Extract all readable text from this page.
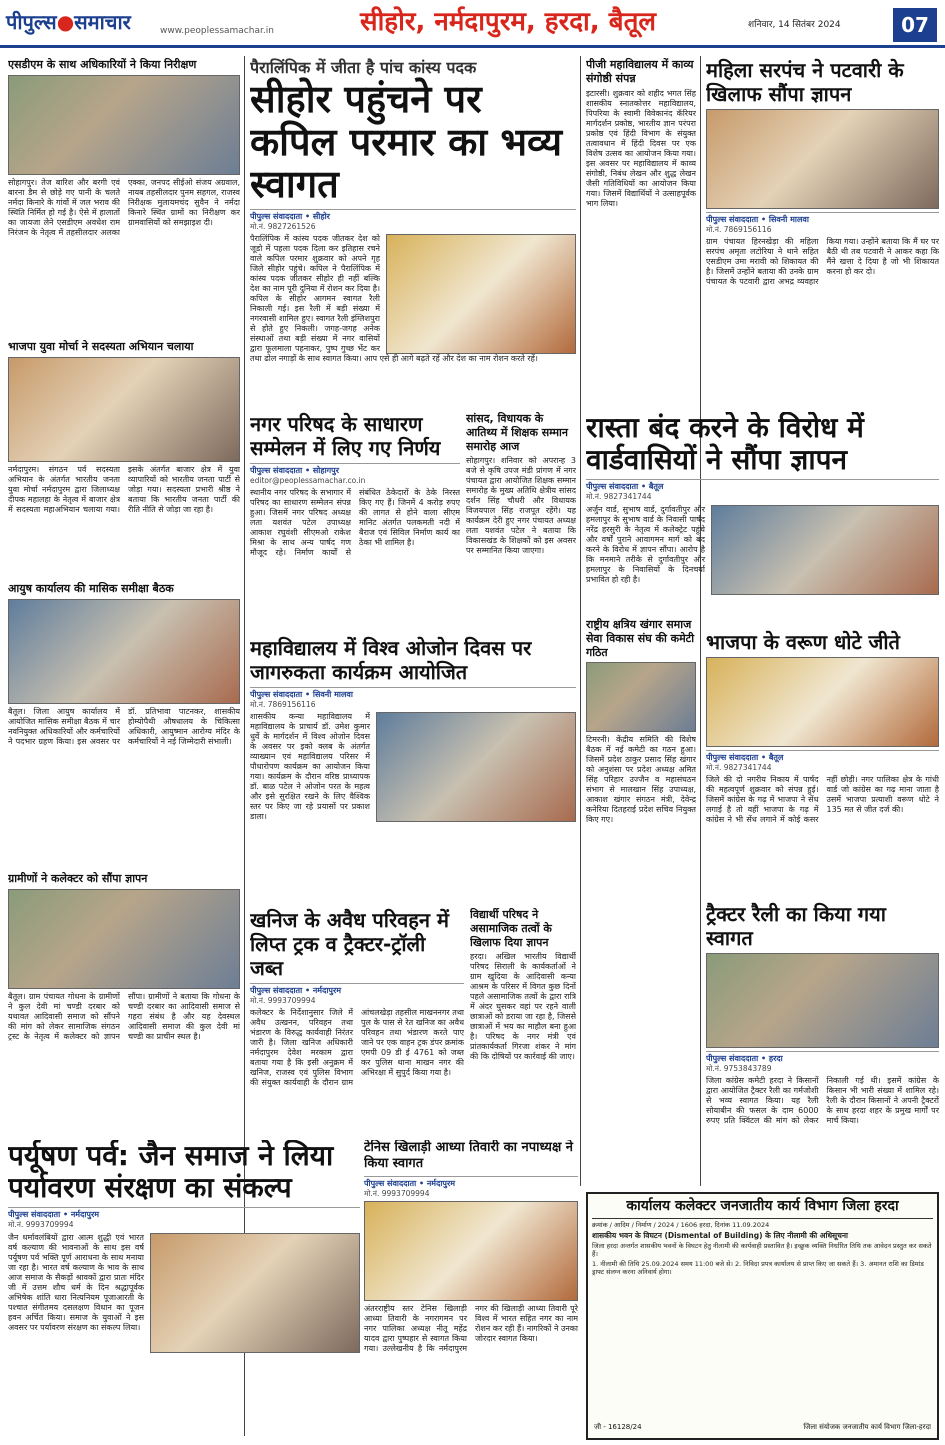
पीपुल्स●समाचार	www.peoplessamachar.in	सीहोर, नर्मदापुरम, हरदा, बैतूल	शनिवार, 14 सितंबर 2024	07
एसडीएम के साथ अधिकारियों ने किया निरीक्षण
सोहागपुर। तेज बारिश और बरगी एवं बारना डैम से छोड़े गए पानी के चलते नर्मदा किनारे के गांवों में जल भराव की स्थिति निर्मित हो गई है। ऐसे में हालातों का जायजा लेने एसडीएम अवधेश राम निरंजन के नेतृत्व में तहसीलदार अलका एक्का, जनपद सीईओ संजय अग्रवाल, नायब तहसीलदार पुनम सहगल, राजस्व निरीक्षक मुलायमचंद सुवैन ने नर्मदा किनारे स्थित ग्रामों का निरीक्षण कर ग्रामवासियों को समझाइश दी।
भाजपा युवा मोर्चा ने सदस्यता अभियान चलाया
नर्मदापुरम। संगठन पर्व सदस्यता अभियान के अंतर्गत भारतीय जनता युवा मोर्चा नर्मदापुरम द्वारा जिलाध्यक्ष दीपक महालहा के नेतृत्व में बाजार क्षेत्र में सदस्यता महाअभियान चलाया गया। इसके अंतर्गत बाजार क्षेत्र में युवा व्यापारियों को भारतीय जनता पार्टी से जोड़ा गया। सदस्यता प्रभारी श्रीष्ठ ने बताया कि भारतीय जनता पार्टी की रीति नीति से जोड़ा जा रहा है।
आयुष कार्यालय की मासिक समीक्षा बैठक
बैतूल। जिला आयुष कार्यालय में आयोजित मासिक समीक्षा बैठक में चार नवनियुक्त अधिकारियों और कर्मचारियों ने पदभार ग्रहण किया। इस अवसर पर डॉ. प्रतिभावा पाटनकर, शासकीय होम्योपैथी औषधालय के चिकित्सा अधिकारी, आयुष्मान आरोग्य मंदिर के कर्मचारियों ने नई जिम्मेदारी संभाली।
ग्रामीणों ने कलेक्टर को सौंपा ज्ञापन
बैतूल। ग्राम पंचायत गोधना के ग्रामीणों ने कुल देवी मां चण्डी दरबार को यथावत आदिवासी समाज को सौंपने की मांग को लेकर सामाजिक संगठन ट्रस्ट के नेतृत्व में कलेक्टर को ज्ञापन सौंपा। ग्रामीणों ने बताया कि गोधना के चण्डी दरबार का आदिवासी समाज से गहरा संबंध है और यह देवस्थल आदिवासी समाज की कुल देवी मां चण्डी का प्राचीन स्थल है।
पैरालिंपिक में जीता है पांच कांस्य पदक
सीहोर पहुंचने पर कपिल परमार का भव्य स्वागत
पीपुल्स संवाददाता • सीहोर
मो.नं. 9827261526
पैरालिंपिक में कांस्य पदक जीतकर देश को जूडो में पहला पदक दिला कर इतिहास रचने वाले कपिल परमार शुक्रवार को अपने गृह जिले सीहोर पहुंचे। कपिल ने पैरालिंपिक में कांस्य पदक जीतकर सीहोर ही नहीं बल्कि देश का नाम पूरी दुनिया में रोशन कर दिया है। कपिल के सीहोर आगमन स्वागत रैली निकाली गई। इस रैली में बड़ी संख्या में नगरवासी शामिल हुए। स्वागत रैली इंग्लिशपुरा से होते हुए निकली। जगह-जगह अनेक संस्थाओं तथा बड़ी संख्या में नगर वासियों द्वारा फूलमाला पहनाकर, पुष्प गुच्छ भेंट कर तथा ढोल नगाड़ों के साथ स्वागत किया। आप एसे ही आगे बढ़ते रहें और देश का नाम रोशन करते रहें।
नगर परिषद के साधारण सम्मेलन में लिए गए निर्णय
पीपुल्स संवाददाता • सोहागपुर
editor@peoplessamachar.co.in
स्थानीय नगर परिषद के सभागार में परिषद का साधारण सम्मेलन संपन्न हुआ। जिसमें नगर परिषद अध्यक्ष लता यशवंत पटेल उपाध्यक्ष आकाश रघुवंशी सीएमओ राकेश मिश्रा के साथ अन्य पार्षद गण मौजूद रहे। निर्माण कार्यों से संबंधित ठेकेदारों के ठेके निरस्त किए गए हैं। जिनमें 4 करोड़ रुपए की लागत से होने वाला सीएम मानिट अंतर्गत पलकमती नदी में बैराज एवं सिविल निर्माण कार्य का ठेका भी शामिल है।
सांसद, विधायक के आतिथ्य में शिक्षक सम्मान समारोह आज
सोहागपुर। शनिवार को अपरान्ह 3 बजे से कृषि उपज मंडी प्रांगण में नगर पंचायत द्वारा आयोजित शिक्षक सम्मान समारोह के मुख्य अतिथि क्षेत्रीय सांसद दर्शन सिंह चौधरी और विधायक विजयपाल सिंह राजपूत रहेंगे। यह कार्यक्रम देरी हुए नगर पंचायत अध्यक्ष लता यशवंत पटेल ने बताया कि विकासखंड के शिक्षकों को इस अवसर पर सम्मानित किया जाएगा।
महाविद्यालय में विश्व ओजोन दिवस पर जागरुकता कार्यक्रम आयोजित
पीपुल्स संवाददाता • सिवनी मालवा
मो.नं. 7869156116
शासकीय कन्या महाविद्यालय में महाविद्यालय के प्राचार्य डॉ. उमेश कुमार धुर्वे के मार्गदर्शन में विश्व ओजोन दिवस के अवसर पर इको क्लब के अंतर्गत व्याख्यान एवं महाविद्यालय परिसर में पौधारोपण कार्यक्रम का आयोजन किया गया। कार्यक्रम के दौरान वरिष्ठ प्राध्यापक डॉ. बाळ पटेल ने ओजोन परत के महत्व और इसे सुरक्षित रखने के लिए वैश्विक स्तर पर किए जा रहे प्रयासों पर प्रकाश डाला।
खनिज के अवैध परिवहन में लिप्त ट्रक व ट्रैक्टर-ट्रॉली जब्त
पीपुल्स संवाददाता • नर्मदापुरम
मो.नं. 9993709994
कलेक्टर के निर्देशानुसार जिले में अवैध उत्खनन, परिवहन तथा भंडारण के विरुद्ध कार्यवाही निरंतर जारी है। जिला खनिज अधिकारी नर्मदापुरम देवेश मरकाम द्वारा बताया गया है कि इसी अनुक्रम में खनिज, राजस्व एवं पुलिस विभाग की संयुक्त कार्यवाही के दौरान ग्राम आंचलखेड़ा तहसील माखननगर तथा पुल के पास से रेत खनिज का अवैध परिवहन तथा भंडारण करते पाए जाने पर एक वाहन ट्रक डंपर क्रमांक एमपी 09 डी ई 4761 को जब्त कर पुलिस थाना माखन नगर की अभिरक्षा में सुपुर्द किया गया है।
विद्यार्थी परिषद ने असामाजिक तत्वों के खिलाफ दिया ज्ञापन
हरदा। अखिल भारतीय विद्यार्थी परिषद सिराली के कार्यकर्ताओं ने ग्राम खुदिया के आदिवासी कन्या आश्रम के परिसर में विगत कुछ दिनों पहले असामाजिक तत्वों के द्वारा रात्रि में अंदर घुसकर वहां पर रहने वाली छात्राओं को डराया जा रहा है, जिससे छात्राओं में भय का माहौल बना हुआ है। परिषद के नगर मंत्री एवं प्रांतकार्यकर्ता गिरजा शंकर ने मांग की कि दोषियों पर कार्रवाई की जाए।
पर्यूषण पर्व: जैन समाज ने लिया पर्यावरण संरक्षण का संकल्प
पीपुल्स संवाददाता • नर्मदापुरम
मो.नं. 9993709994
जैन धर्मावलंबियों द्वारा आत्म शुद्धी एवं भारत वर्ष कल्याण की भावनाओं के साथ इस वर्ष पर्यूषण पर्व भक्ति पूर्ण आराधना के साथ मनाया जा रहा है। भारत वर्ष कल्याण के भाव के साथ आज समाज के सैकड़ों श्रावकों द्वारा प्रातः मंदिर जी में उत्तम शौच धर्म के दिन श्रद्धापूर्वक अभिषेक शांति धारा नित्यनियम पूजाआरती के पश्चात संगीतमय दसलक्षण विधान का पूजन हवन अर्चित किया। समाज के युवाओं ने इस अवसर पर पर्यावरण संरक्षण का संकल्प लिया।
टेनिस खिलाड़ी आध्या तिवारी का नपाध्यक्ष ने किया स्वागत
पीपुल्स संवाददाता • नर्मदापुरम
मो.नं. 9993709994
अंतरराष्ट्रीय स्तर टेनिस खिलाड़ी आध्या तिवारी के नगरागमन पर नगर पालिका अध्यक्ष नीतू महेंद्र यादव द्वारा पुष्पहार से स्वागत किया गया। उल्लेखनीय है कि नर्मदापुरम नगर की खिलाड़ी आध्या तिवारी पूरे विश्व में भारत सहित नगर का नाम रोशन कर रही हैं। नागरिकों ने उनका जोरदार स्वागत किया।
पीजी महाविद्यालय में काव्य संगोष्ठी संपन्न
इटारसी। शुक्रवार को शहीद भगत सिंह शासकीय स्नातकोत्तर महाविद्यालय, पिपरिया के स्वामी विवेकानंद कॅरियर मार्गदर्शन प्रकोष्ठ, भारतीय ज्ञान परंपरा प्रकोष्ठ एवं हिंदी विभाग के संयुक्त तत्वावधान में हिंदी दिवस पर एक विशेष उत्सव का आयोजन किया गया। इस अवसर पर महाविद्यालय में काव्य संगोष्ठी, निबंध लेखन और शुद्ध लेखन जैसी गतिविधियों का आयोजन किया गया। जिसमें विद्यार्थियों ने उत्साहपूर्वक भाग लिया।
राष्ट्रीय क्षत्रिय खंगार समाज सेवा विकास संघ की कमेटी गठित
टिमरनी। केंद्रीय समिति की विशेष बैठक में नई कमेटी का गठन हुआ। जिसमें प्रदेश ठाकुर प्रसाद सिंह खंगार को अनुशंसा पर प्रदेश अध्यक्ष अमित सिंह परिहार उज्जैन व महासंघठन संभाग से मालखान सिंह उपाध्यक्ष, आकाश खंगार संगठन मंत्री, देवेन्द्र कनेरिया दितहराई प्रदेश सचिव नियुक्त किए गए।
महिला सरपंच ने पटवारी के खिलाफ सौंपा ज्ञापन
पीपुल्स संवाददाता • सिवनी मालवा
मो.नं. 7869156116
ग्राम पंचायत हिरनखेड़ा की महिला सरपंच अमृता लटोरिया ने थाने सहित एसडीएम उमा मरावी को शिकायत की है। जिसमें उन्होंने बताया की उनके ग्राम पंचायत के पटवारी द्वारा अभद्र व्यवहार किया गया। उन्होंने बताया कि मैं घर पर बैठी थी तब पटवारी ने आकर कहा कि मैंने खत्ता दे दिया है जो भी शिकायत करना हो कर दो।
रास्ता बंद करने के विरोध में वार्डवासियों ने सौंपा ज्ञापन
पीपुल्स संवाददाता • बैतूल
मो.नं. 9827341744
अर्जुन वार्ड, सुभाष वार्ड, दुर्गावतीपुर और हमलापुर के सुभाष वार्ड के निवासी पार्षद नरेंद्र हरसुरी के नेतृत्व में कलेक्ट्रेट पहुंचे और वर्षों पुराने आवागमन मार्ग को बंद करने के विरोध में ज्ञापन सौंपा। आरोप है कि मनमाने तरीके से दुर्गावतीपुर और हमलापुर के निवासियों के दिनचर्या प्रभावित हो रही है।
भाजपा के वरूण धोटे जीते
पीपुल्स संवाददाता • बैतूल
मो.नं. 9827341744
जिले की दो नगरीय निकाय में पार्षद की महत्वपूर्ण शुक्रवार को संपन्न हुई। जिसमें कांग्रेस के गढ़ में भाजपा ने सेंध लगाई है तो वहीं भाजपा के गढ़ में कांग्रेस ने भी सेंध लगाने में कोई कसर नहीं छोड़ी। नगर पालिका क्षेत्र के गांधी वार्ड जो कांग्रेस का गढ़ माना जाता है उसमें भाजपा प्रत्याशी वरूण धोटे ने 135 मत से जीत दर्ज की।
ट्रैक्टर रैली का किया गया स्वागत
पीपुल्स संवाददाता • हरदा
मो.नं. 9753843789
जिला कांग्रेस कमेटी हरदा ने किसानों द्वारा आयोजित ट्रैक्टर रैली का गर्मजोशी से भव्य स्वागत किया। यह रैली सोयाबीन की फसल के दाम 6000 रुपए प्रति क्विंटल की मांग को लेकर निकाली गई थी। इसमें कांग्रेस के किसान भी भारी संख्या में शामिल रहे। रैली के दौरान किसानों ने अपनी ट्रैक्टरों के साथ हरदा शहर के प्रमुख मार्गों पर मार्च किया।
कार्यालय कलेक्टर जनजातीय कार्य विभाग जिला हरदा
क्रमांक / आदिम / निर्माण / 2024 / 1606 हरदा, दिनांक 11.09.2024
शासकीय भवन के विघटन (Dismental of Building) के लिए नीलामी की अधिसूचना
जिला हरदा अन्तर्गत शासकीय भवनों के विघटन हेतु नीलामी की कार्यवाही प्रस्तावित है। इच्छुक व्यक्ति निर्धारित तिथि तक आवेदन प्रस्तुत कर सकते हैं।
1. नीलामी की तिथि 25.09.2024 समय 11:00 बजे से। 2. निविदा प्रपत्र कार्यालय से प्राप्त किए जा सकते हैं। 3. अमानत राशि का डिमांड ड्राफ्ट संलग्न करना अनिवार्य होगा।
जी - 16128/24	जिला संयोजक जनजातीय कार्य विभाग जिला-हरदा
